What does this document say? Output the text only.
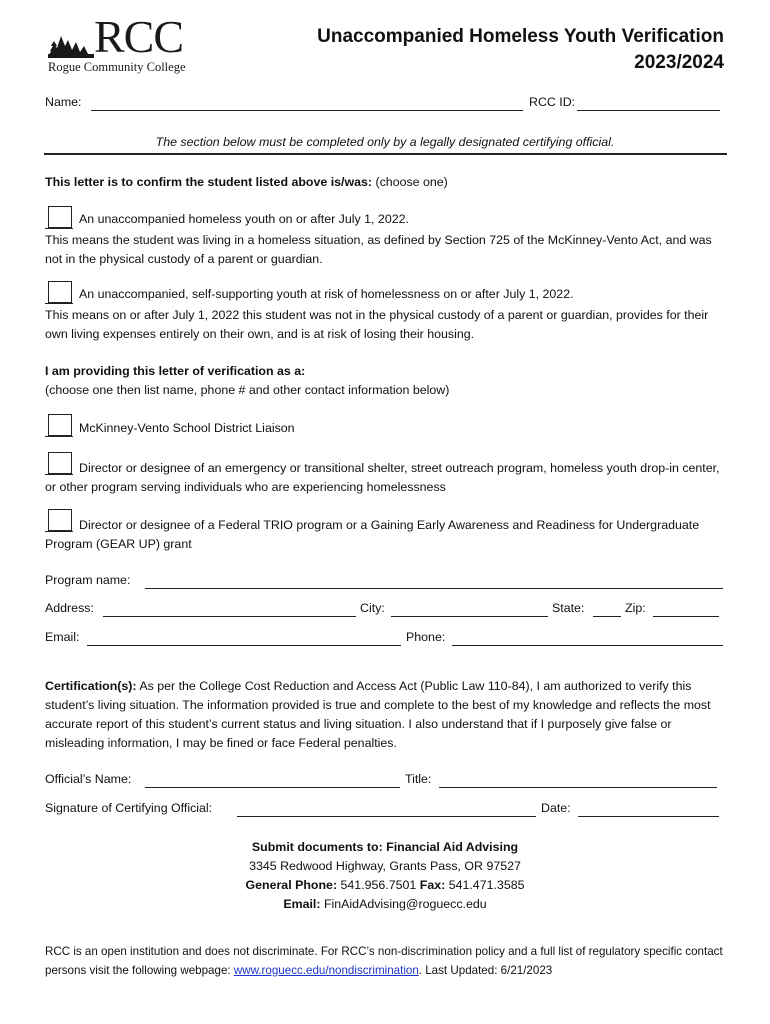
RCC
Rogue Community College
Unaccompanied Homeless Youth Verification
2023/2024
Name:	RCC ID:
The section below must be completed only by a legally designated certifying official.
This letter is to confirm the student listed above is/was: (choose one)
An unaccompanied homeless youth on or after July 1, 2022.
This means the student was living in a homeless situation, as defined by Section 725 of the McKinney-Vento Act, and was not in the physical custody of a parent or guardian.
An unaccompanied, self-supporting youth at risk of homelessness on or after July 1, 2022.
This means on or after July 1, 2022 this student was not in the physical custody of a parent or guardian, provides for their own living expenses entirely on their own, and is at risk of losing their housing.
I am providing this letter of verification as a:
(choose one then list name, phone # and other contact information below)
McKinney-Vento School District Liaison
Director or designee of an emergency or transitional shelter, street outreach program, homeless youth drop-in center, or other program serving individuals who are experiencing homelessness
Director or designee of a Federal TRIO program or a Gaining Early Awareness and Readiness for Undergraduate Program (GEAR UP) grant
Program name:
Address:	City:	State:	Zip:
Email:	Phone:
Certification(s): As per the College Cost Reduction and Access Act (Public Law 110-84), I am authorized to verify this student’s living situation. The information provided is true and complete to the best of my knowledge and reflects the most accurate report of this student’s current status and living situation. I also understand that if I purposely give false or misleading information, I may be fined or face Federal penalties.
Official’s Name:	Title:
Signature of Certifying Official:	Date:
Submit documents to: Financial Aid Advising
3345 Redwood Highway, Grants Pass, OR 97527
General Phone: 541.956.7501 Fax: 541.471.3585
Email: FinAidAdvising@roguecc.edu
RCC is an open institution and does not discriminate. For RCC’s non-discrimination policy and a full list of regulatory specific contact persons visit the following webpage: www.roguecc.edu/nondiscrimination. Last Updated: 6/21/2023
